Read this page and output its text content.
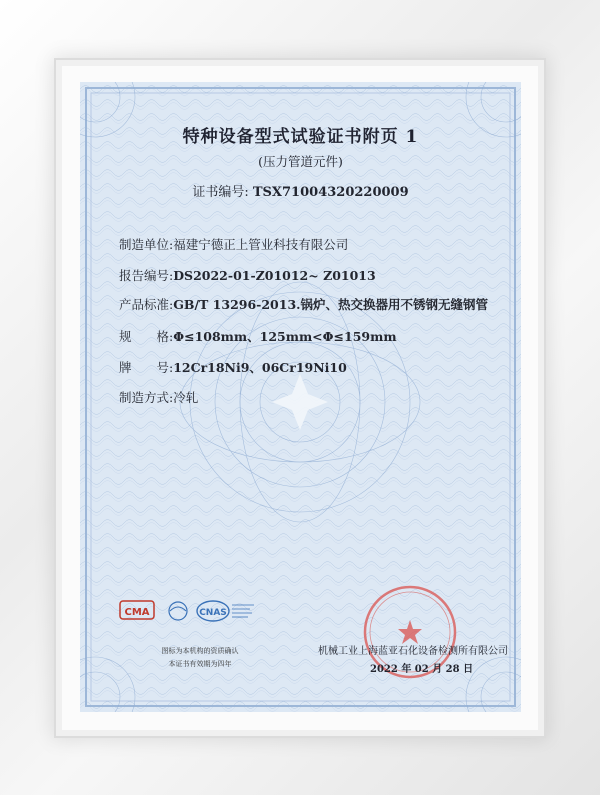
特种设备型式试验证书附页 1
(压力管道元件)
证书编号: TSX71004320220009
制造单位:福建宁德正上管业科技有限公司
报告编号:DS2022-01-Z01012~ Z01013
产品标准:GB/T 13296-2013.锅炉、热交换器用不锈钢无缝钢管
规　　格:Φ≤108mm、125mm<Φ≤159mm
牌　　号:12Cr18Ni9、06Cr19Ni10
制造方式:冷轧
CMA	CNAS
图标为本机构的资质确认
本证书有效期为四年
机械工业上海蓝亚石化设备检测所有限公司
2022 年 02 月 28 日
